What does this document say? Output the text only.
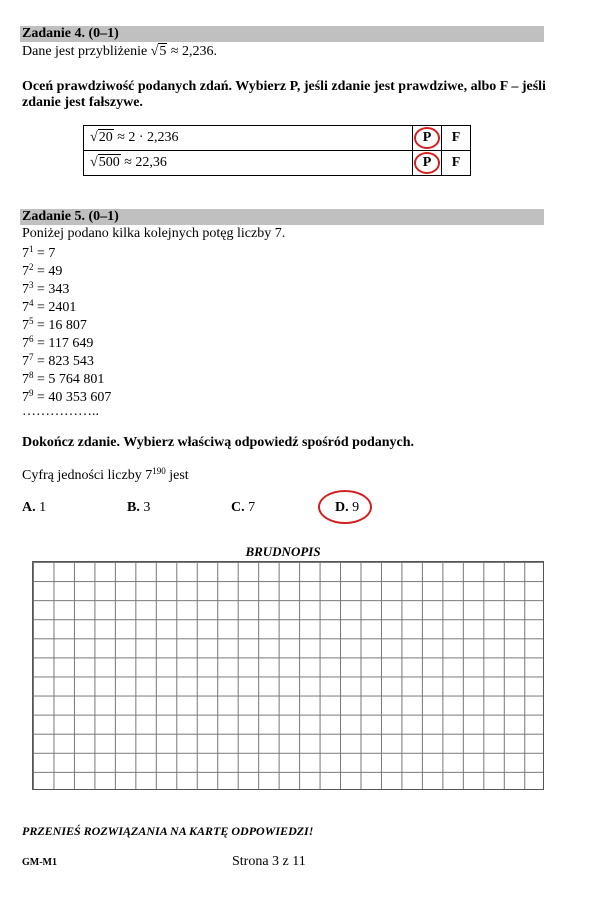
Zadanie 4. (0–1)
Dane jest przybliżenie √5 ≈ 2,236.
Oceń prawdziwość podanych zdań. Wybierz P, jeśli zdanie jest prawdziwe, albo F – jeśli
zdanie jest fałszywe.
√20 ≈ 2 · 2,236	P	F
√500 ≈ 22,36	P	F
Zadanie 5. (0–1)
Poniżej podano kilka kolejnych potęg liczby 7.
$7^1 = 7$
$7^2 = 49$
$7^3 = 343$
$7^4 = 2401$
$7^5 = 16$ 807
$7^6 = 117$ 649
$7^7 = 823$ 543
$7^8 = 5$ 764 801
$7^9 = 40$ 353 607
……………..
Dokończ zdanie. Wybierz właściwą odpowiedź spośród podanych.
Cyfrą jedności liczby $7^{190}$ jest
A. 1	B. 3	C. 7	D. 9
BRUDNOPIS
PRZENIEŚ ROZWIĄZANIA NA KARTĘ ODPOWIEDZI!
GM-M1	Strona 3 z 11
